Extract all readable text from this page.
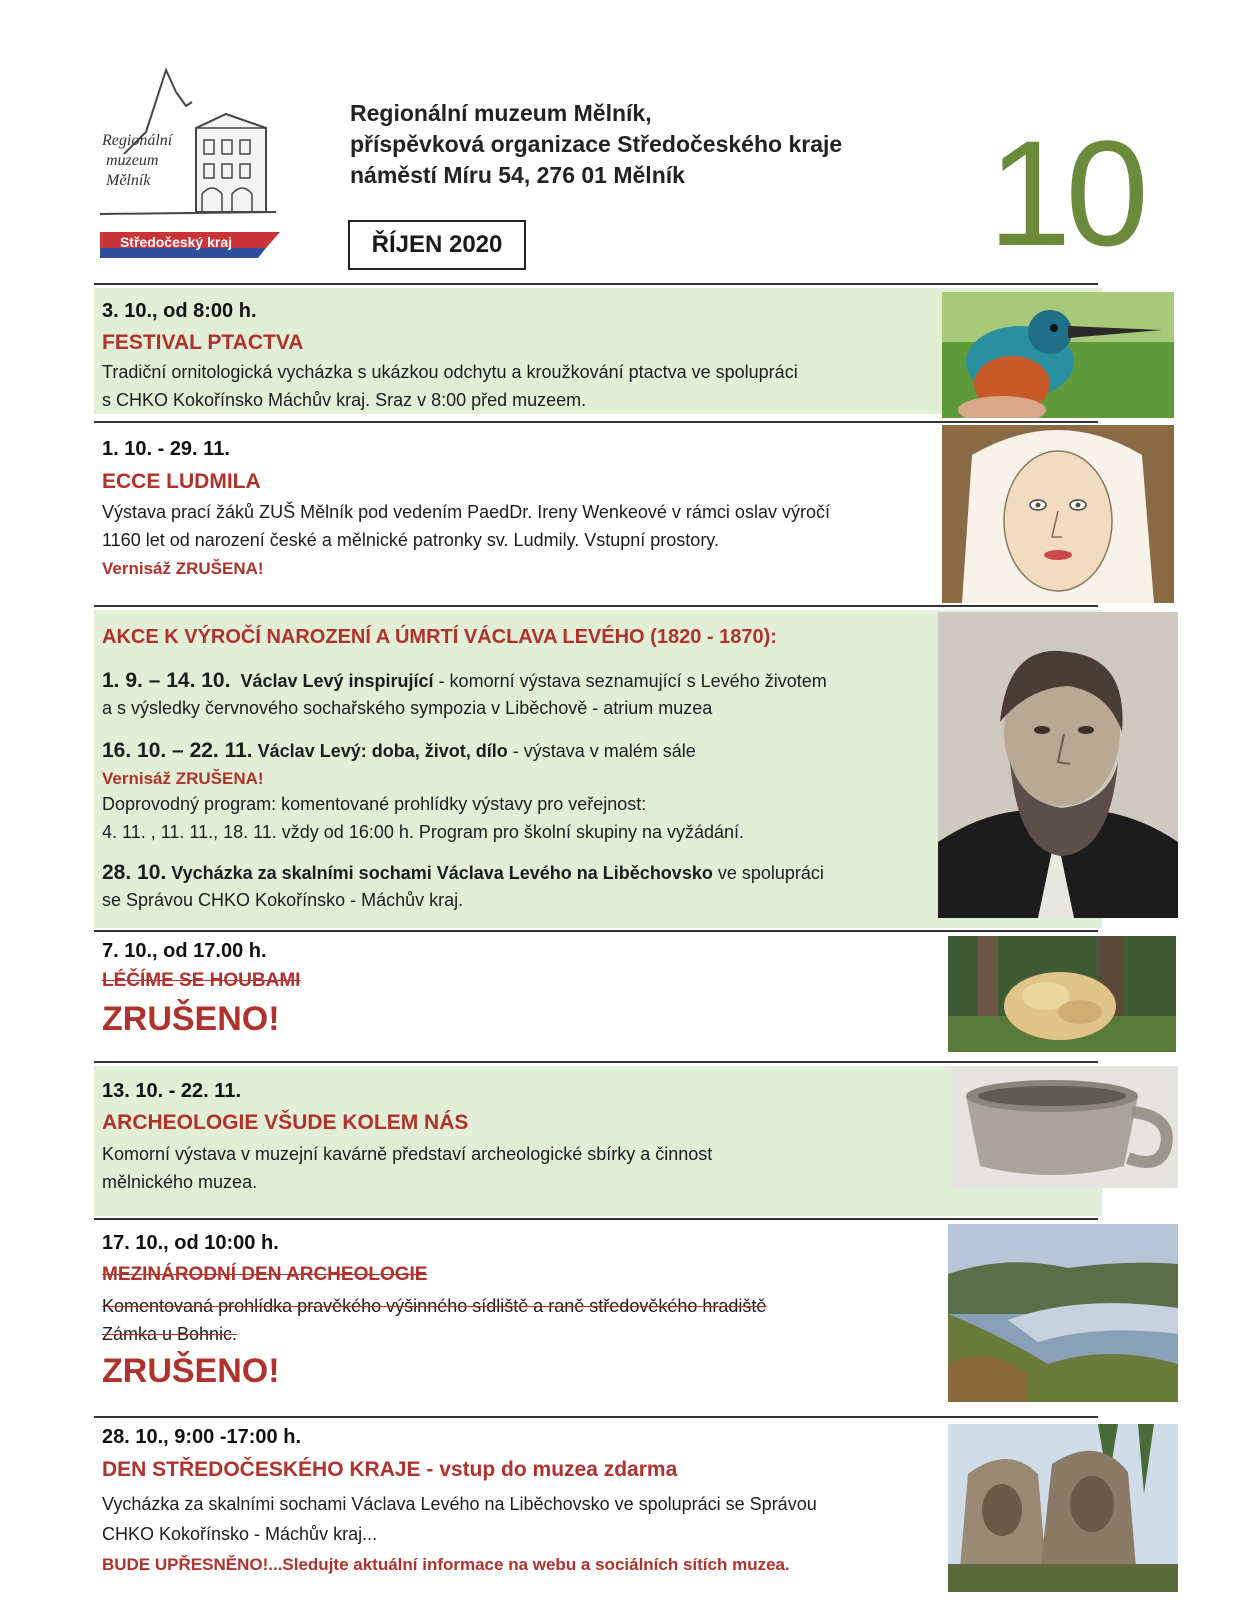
Regionální
muzeum
Mělník
Středočeský kraj
Regionální muzeum Mělník,
příspěvková organizace Středočeského kraje
náměstí Míru 54, 276 01 Mělník
ŘÍJEN 2020	10
3. 10., od 8:00 h.
FESTIVAL PTACTVA
Tradiční ornitologická vycházka s ukázkou odchytu a kroužkování ptactva ve spolupráci
s CHKO Kokořínsko Máchův kraj. Sraz v 8:00 před muzeem.
1. 10. - 29. 11.
ECCE LUDMILA
Výstava prací žáků ZUŠ Mělník pod vedením PaedDr. Ireny Wenkeové v rámci oslav výročí
1160 let od narození české a mělnické patronky sv. Ludmily. Vstupní prostory.
Vernisáž ZRUŠENA!
AKCE K VÝROČÍ NAROZENÍ A ÚMRTÍ VÁCLAVA LEVÉHO (1820 - 1870):
1. 9. – 14. 10. Václav Levý inspirující - komorní výstava seznamující s Levého životem
a s výsledky červnového sochařského sympozia v Liběchově - atrium muzea
16. 10. – 22. 11. Václav Levý: doba, život, dílo - výstava v malém sále
Vernisáž ZRUŠENA!
Doprovodný program: komentované prohlídky výstavy pro veřejnost:
4. 11. , 11. 11., 18. 11. vždy od 16:00 h. Program pro školní skupiny na vyžádání.
28. 10. Vycházka za skalními sochami Václava Levého na Liběchovsko ve spolupráci
se Správou CHKO Kokořínsko - Máchův kraj.
7. 10., od 17.00 h.
LÉČÍME SE HOUBAMI
ZRUŠENO!
13. 10. - 22. 11.
ARCHEOLOGIE VŠUDE KOLEM NÁS
Komorní výstava v muzejní kavárně představí archeologické sbírky a činnost
mělnického muzea.
17. 10., od 10:00 h.
MEZINÁRODNÍ DEN ARCHEOLOGIE
Komentovaná prohlídka pravěkého výšinného sídliště a raně středověkého hradiště
Zámka u Bohnic.
ZRUŠENO!
28. 10., 9:00 -17:00 h.
DEN STŘEDOČESKÉHO KRAJE - vstup do muzea zdarma
Vycházka za skalními sochami Václava Levého na Liběchovsko ve spolupráci se Správou
CHKO Kokořínsko - Máchův kraj...
BUDE UPŘESNĚNO!...Sledujte aktuální informace na webu a sociálních sítích muzea.
